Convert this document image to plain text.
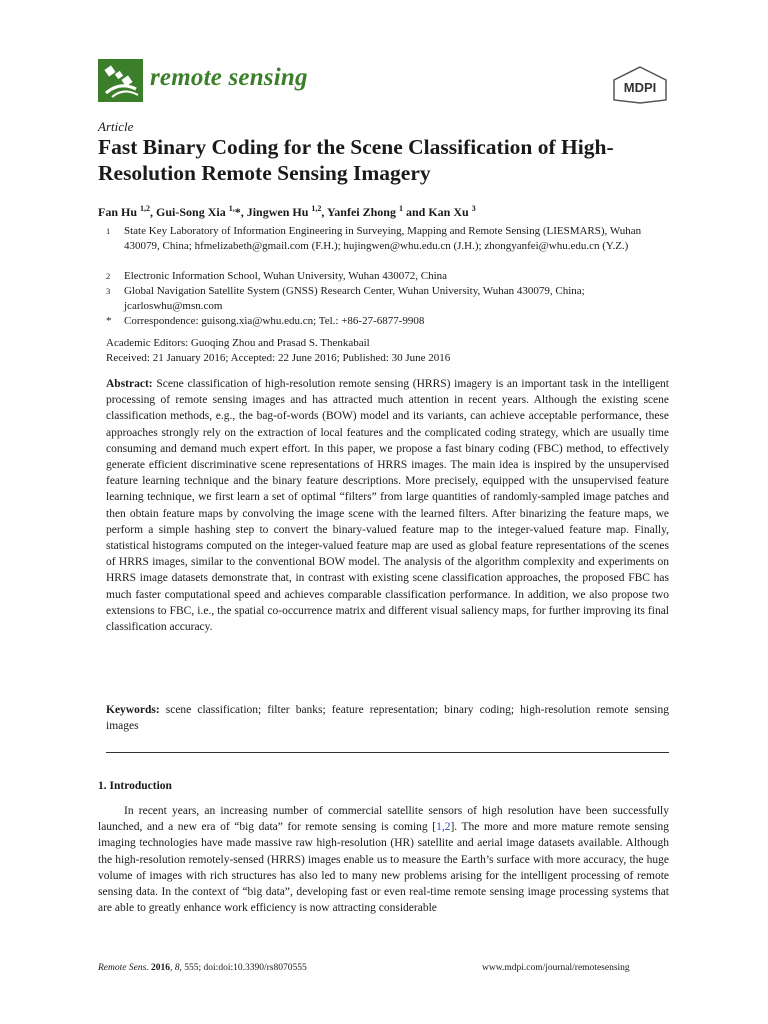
remote sensing	MDPI
Article
Fast Binary Coding for the Scene Classification of High-Resolution Remote Sensing Imagery
Fan Hu $^{1,2}$, Gui-Song Xia $^{1,}$*, Jingwen Hu $^{1,2}$, Yanfei Zhong $^1$ and Kan Xu $^3$
1 State Key Laboratory of Information Engineering in Surveying, Mapping and Remote Sensing (LIESMARS), Wuhan 430079, China; hfmelizabeth@gmail.com (F.H.); hujingwen@whu.edu.cn (J.H.); zhongyanfei@whu.edu.cn (Y.Z.)
2 Electronic Information School, Wuhan University, Wuhan 430072, China
3 Global Navigation Satellite System (GNSS) Research Center, Wuhan University, Wuhan 430079, China; jcarloswhu@msn.com
* Correspondence: guisong.xia@whu.edu.cn; Tel.: +86-27-6877-9908
Academic Editors: Guoqing Zhou and Prasad S. Thenkabail
Received: 21 January 2016; Accepted: 22 June 2016; Published: 30 June 2016
Abstract: Scene classification of high-resolution remote sensing (HRRS) imagery is an important task in the intelligent processing of remote sensing images and has attracted much attention in recent years. Although the existing scene classification methods, e.g., the bag-of-words (BOW) model and its variants, can achieve acceptable performance, these approaches strongly rely on the extraction of local features and the complicated coding strategy, which are usually time consuming and demand much expert effort. In this paper, we propose a fast binary coding (FBC) method, to effectively generate efficient discriminative scene representations of HRRS images. The main idea is inspired by the unsupervised feature learning technique and the binary feature descriptions. More precisely, equipped with the unsupervised feature learning technique, we first learn a set of optimal “filters” from large quantities of randomly-sampled image patches and then obtain feature maps by convolving the image scene with the learned filters. After binarizing the feature maps, we perform a simple hashing step to convert the binary-valued feature map to the integer-valued feature map. Finally, statistical histograms computed on the integer-valued feature map are used as global feature representations of the scenes of HRRS images, similar to the conventional BOW model. The analysis of the algorithm complexity and experiments on HRRS image datasets demonstrate that, in contrast with existing scene classification approaches, the proposed FBC has much faster computational speed and achieves comparable classification performance. In addition, we also propose two extensions to FBC, i.e., the spatial co-occurrence matrix and different visual saliency maps, for further improving its final classification accuracy.
Keywords: scene classification; filter banks; feature representation; binary coding; high-resolution remote sensing images
1. Introduction
In recent years, an increasing number of commercial satellite sensors of high resolution have been successfully launched, and a new era of “big data” for remote sensing is coming [1,2]. The more and more mature remote sensing imaging technologies have made massive raw high-resolution (HR) satellite and aerial image datasets available. Although the high-resolution remotely-sensed (HRRS) images enable us to measure the Earth’s surface with more accuracy, the huge volume of images with rich structures has also led to many new problems arising for the intelligent processing of remote sensing data. In the context of “big data”, developing fast or even real-time remote sensing image processing systems that are able to greatly enhance work efficiency is now attracting considerable
Remote Sens. 2016, 8, 555; doi:doi:10.3390/rs8070555	www.mdpi.com/journal/remotesensing
